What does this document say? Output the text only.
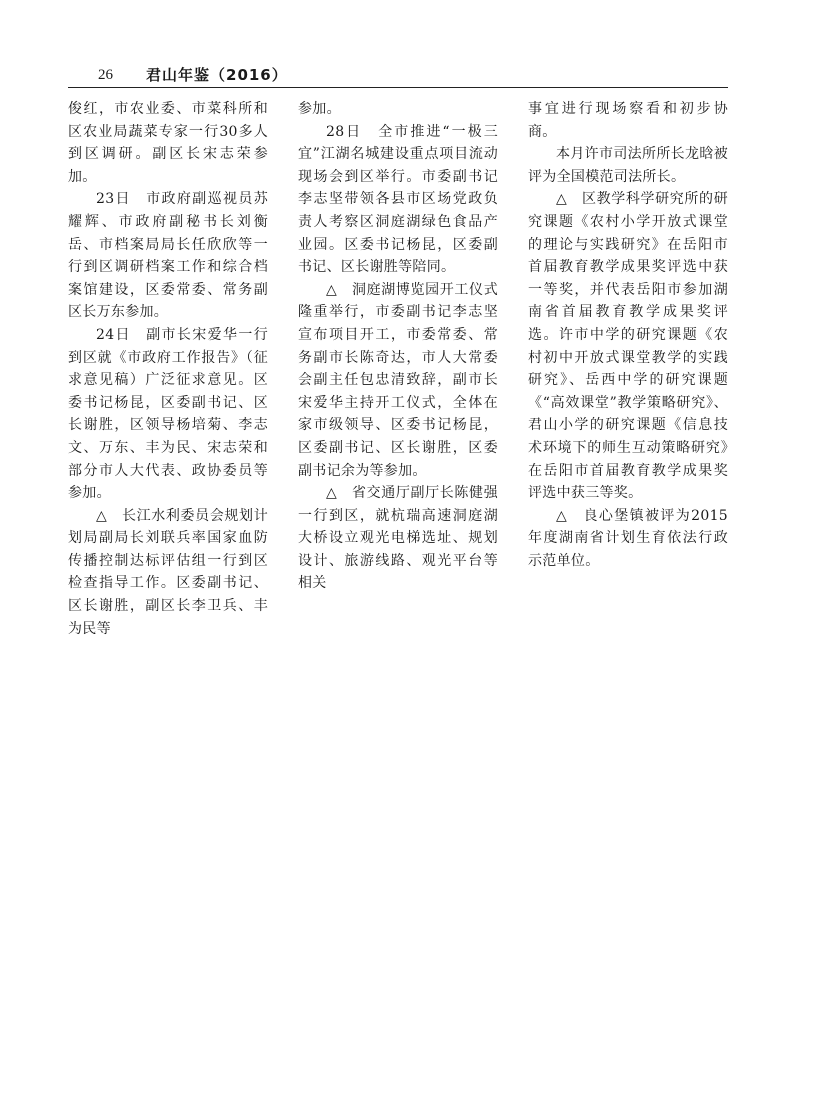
26 君山年鉴（2016）

俊红，市农业委、市菜科所和区农业局蔬菜专家一行30多人到区调研。副区长宋志荣参加。

23日　市政府副巡视员苏耀辉、市政府副秘书长刘衡岳、市档案局局长任欣欣等一行到区调研档案工作和综合档案馆建设，区委常委、常务副区长万东参加。

24日　副市长宋爱华一行到区就《市政府工作报告》（征求意见稿）广泛征求意见。区委书记杨昆，区委副书记、区长谢胜，区领导杨培菊、李志文、万东、丰为民、宋志荣和部分市人大代表、政协委员等参加。

△　长江水利委员会规划计划局副局长刘联兵率国家血防传播控制达标评估组一行到区检查指导工作。区委副书记、区长谢胜，副区长李卫兵、丰为民等

参加。

28日　全市推进“一极三宜”江湖名城建设重点项目流动现场会到区举行。市委副书记李志坚带领各县市区场党政负责人考察区洞庭湖绿色食品产业园。区委书记杨昆，区委副书记、区长谢胜等陪同。

△　洞庭湖博览园开工仪式隆重举行，市委副书记李志坚宣布项目开工，市委常委、常务副市长陈奇达，市人大常委会副主任包忠清致辞，副市长宋爱华主持开工仪式，全体在家市级领导、区委书记杨昆，区委副书记、区长谢胜，区委副书记余为等参加。

△　省交通厅副厅长陈健强一行到区，就杭瑞高速洞庭湖大桥设立观光电梯选址、规划设计、旅游线路、观光平台等相关

事宜进行现场察看和初步协商。

本月许市司法所所长龙晗被评为全国模范司法所长。

△　区教学科学研究所的研究课题《农村小学开放式课堂的理论与实践研究》在岳阳市首届教育教学成果奖评选中获一等奖，并代表岳阳市参加湖南省首届教育教学成果奖评选。许市中学的研究课题《农村初中开放式课堂教学的实践研究》、岳西中学的研究课题《“高效课堂”教学策略研究》、君山小学的研究课题《信息技术环境下的师生互动策略研究》在岳阳市首届教育教学成果奖评选中获三等奖。

△　良心堡镇被评为2015年度湖南省计划生育依法行政示范单位。
